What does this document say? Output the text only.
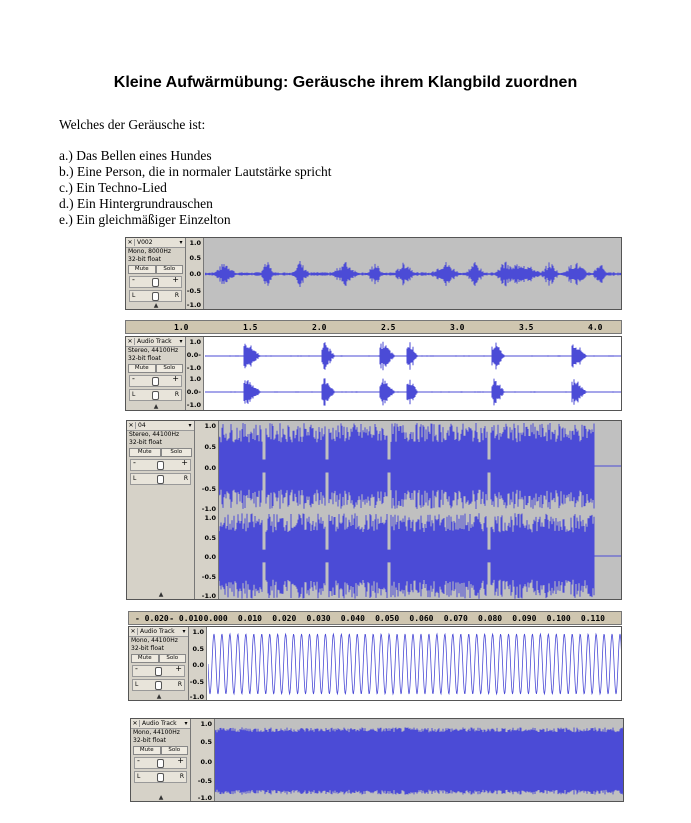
Kleine Aufwärmübung: Geräusche ihrem Klangbild zuordnen
Welches der Geräusche ist:
a.) Das Bellen eines Hundes
b.) Eine Person, die in normaler Lautstärke spricht
c.) Ein Techno-Lied
d.) Ein Hintergrundrauschen
e.) Ein gleichmäßiger Einzelton
✕ V002	▾
Mono, 8000Hz
32-bit float
Mute	Solo
-	+
L	R
▲
1.0
0.5
0.0
-0.5
-1.0
1.0	1.5	2.0	2.5	3.0	3.5	4.0
✕ Audio Track	▾
Stereo, 44100Hz
32-bit float
Mute	Solo
-	+
L	R
▲
1.0
0.0-
-1.0
1.0
0.0-
-1.0
✕ 04	▾
Stereo, 44100Hz
32-bit float
Mute	Solo
-	+
L	R
▲
1.0
0.5
0.0
-0.5
-1.0
1.0
0.5
0.0
-0.5
-1.0
- 0.020 - 0.010 0.000 0.010 0.020 0.030 0.040 0.050 0.060 0.070 0.080 0.090 0.100 0.110
✕ Audio Track	▾
Mono, 44100Hz
32-bit float
Mute	Solo
-	+
L	R
▲
1.0
0.5
0.0
-0.5
-1.0
✕ Audio Track	▾
Mono, 44100Hz
32-bit float
Mute	Solo
-	+
L	R
▲
1.0
0.5
0.0
-0.5
-1.0
